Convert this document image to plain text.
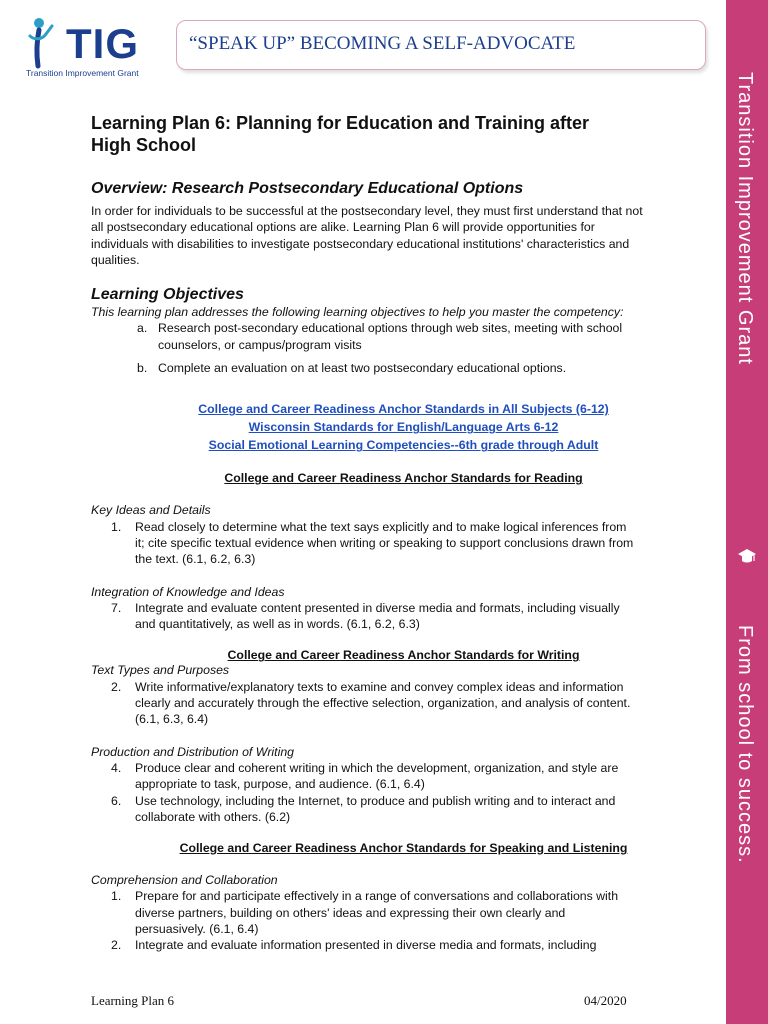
TIG
Transition Improvement Grant
“SPEAK UP” BECOMING A SELF-ADVOCATE
Transition Improvement Grant
From school to success.
Learning Plan 6: Planning for Education and Training after
High School
Overview: Research Postsecondary Educational Options

In order for individuals to be successful at the postsecondary level, they must first understand that not
all postsecondary educational options are alike. Learning Plan 6 will provide opportunities for
individuals with disabilities to investigate postsecondary educational institutions' characteristics and
qualities.

Learning Objectives

This learning plan addresses the following learning objectives to help you master the competency:

a. Research post-secondary educational options through web sites, meeting with school
counselors, or campus/program visits
b. Complete an evaluation on at least two postsecondary educational options.
College and Career Readiness Anchor Standards in All Subjects (6-12)
Wisconsin Standards for English/Language Arts 6-12
Social Emotional Learning Competencies--6th grade through Adult
College and Career Readiness Anchor Standards for Reading

Key Ideas and Details

1. Read closely to determine what the text says explicitly and to make logical inferences from
it; cite specific textual evidence when writing or speaking to support conclusions drawn from
the text. (6.1, 6.2, 6.3)

Integration of Knowledge and Ideas

7. Integrate and evaluate content presented in diverse media and formats, including visually
and quantitatively, as well as in words. (6.1, 6.2, 6.3)
College and Career Readiness Anchor Standards for Writing

Text Types and Purposes

2. Write informative/explanatory texts to examine and convey complex ideas and information
clearly and accurately through the effective selection, organization, and analysis of content.
(6.1, 6.3, 6.4)

Production and Distribution of Writing

4. Produce clear and coherent writing in which the development, organization, and style are
appropriate to task, purpose, and audience. (6.1, 6.4)
6. Use technology, including the Internet, to produce and publish writing and to interact and
collaborate with others. (6.2)
College and Career Readiness Anchor Standards for Speaking and Listening

Comprehension and Collaboration

1. Prepare for and participate effectively in a range of conversations and collaborations with
diverse partners, building on others' ideas and expressing their own clearly and
persuasively. (6.1, 6.4)
2. Integrate and evaluate information presented in diverse media and formats, including
Learning Plan 6	04/2020
